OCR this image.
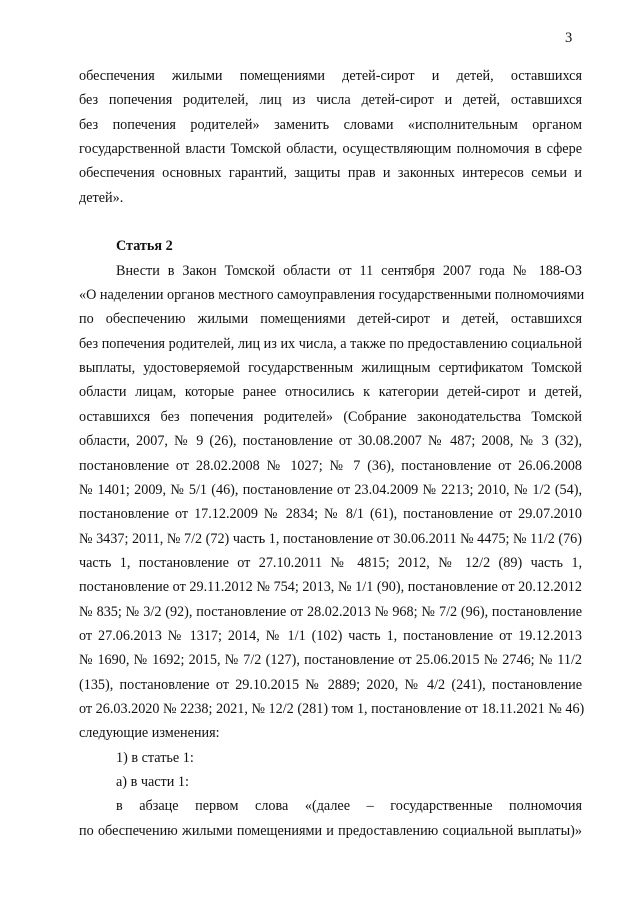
3
обеспечения жилыми помещениями детей-сирот и детей, оставшихся
без попечения родителей, лиц из числа детей-сирот и детей, оставшихся
без попечения родителей» заменить словами «исполнительным органом
государственной власти Томской области, осуществляющим полномочия в сфере
обеспечения основных гарантий, защиты прав и законных интересов семьи и
детей».
Статья 2
Внести в Закон Томской области от 11 сентября 2007 года № 188-ОЗ
«О наделении органов местного самоуправления государственными полномочиями
по обеспечению жилыми помещениями детей-сирот и детей, оставшихся
без попечения родителей, лиц из их числа, а также по предоставлению социальной
выплаты, удостоверяемой государственным жилищным сертификатом Томской
области лицам, которые ранее относились к категории детей-сирот и детей,
оставшихся без попечения родителей» (Собрание законодательства Томской
области, 2007, № 9 (26), постановление от 30.08.2007 № 487; 2008, № 3 (32),
постановление от 28.02.2008 № 1027; № 7 (36), постановление от 26.06.2008
№ 1401; 2009, № 5/1 (46), постановление от 23.04.2009 № 2213; 2010, № 1/2 (54),
постановление от 17.12.2009 № 2834; № 8/1 (61), постановление от 29.07.2010
№ 3437; 2011, № 7/2 (72) часть 1, постановление от 30.06.2011 № 4475; № 11/2 (76)
часть 1, постановление от 27.10.2011 № 4815; 2012, № 12/2 (89) часть 1,
постановление от 29.11.2012 № 754; 2013, № 1/1 (90), постановление от 20.12.2012
№ 835; № 3/2 (92), постановление от 28.02.2013 № 968; № 7/2 (96), постановление
от 27.06.2013 № 1317; 2014, № 1/1 (102) часть 1, постановление от 19.12.2013
№ 1690, № 1692; 2015, № 7/2 (127), постановление от 25.06.2015 № 2746; № 11/2
(135), постановление от 29.10.2015 № 2889; 2020, № 4/2 (241), постановление
от 26.03.2020 № 2238; 2021, № 12/2 (281) том 1, постановление от 18.11.2021 № 46)
следующие изменения:
1) в статье 1:
а) в части 1:
в абзаце первом слова «(далее – государственные полномочия
по обеспечению жилыми помещениями и предоставлению социальной выплаты)»
